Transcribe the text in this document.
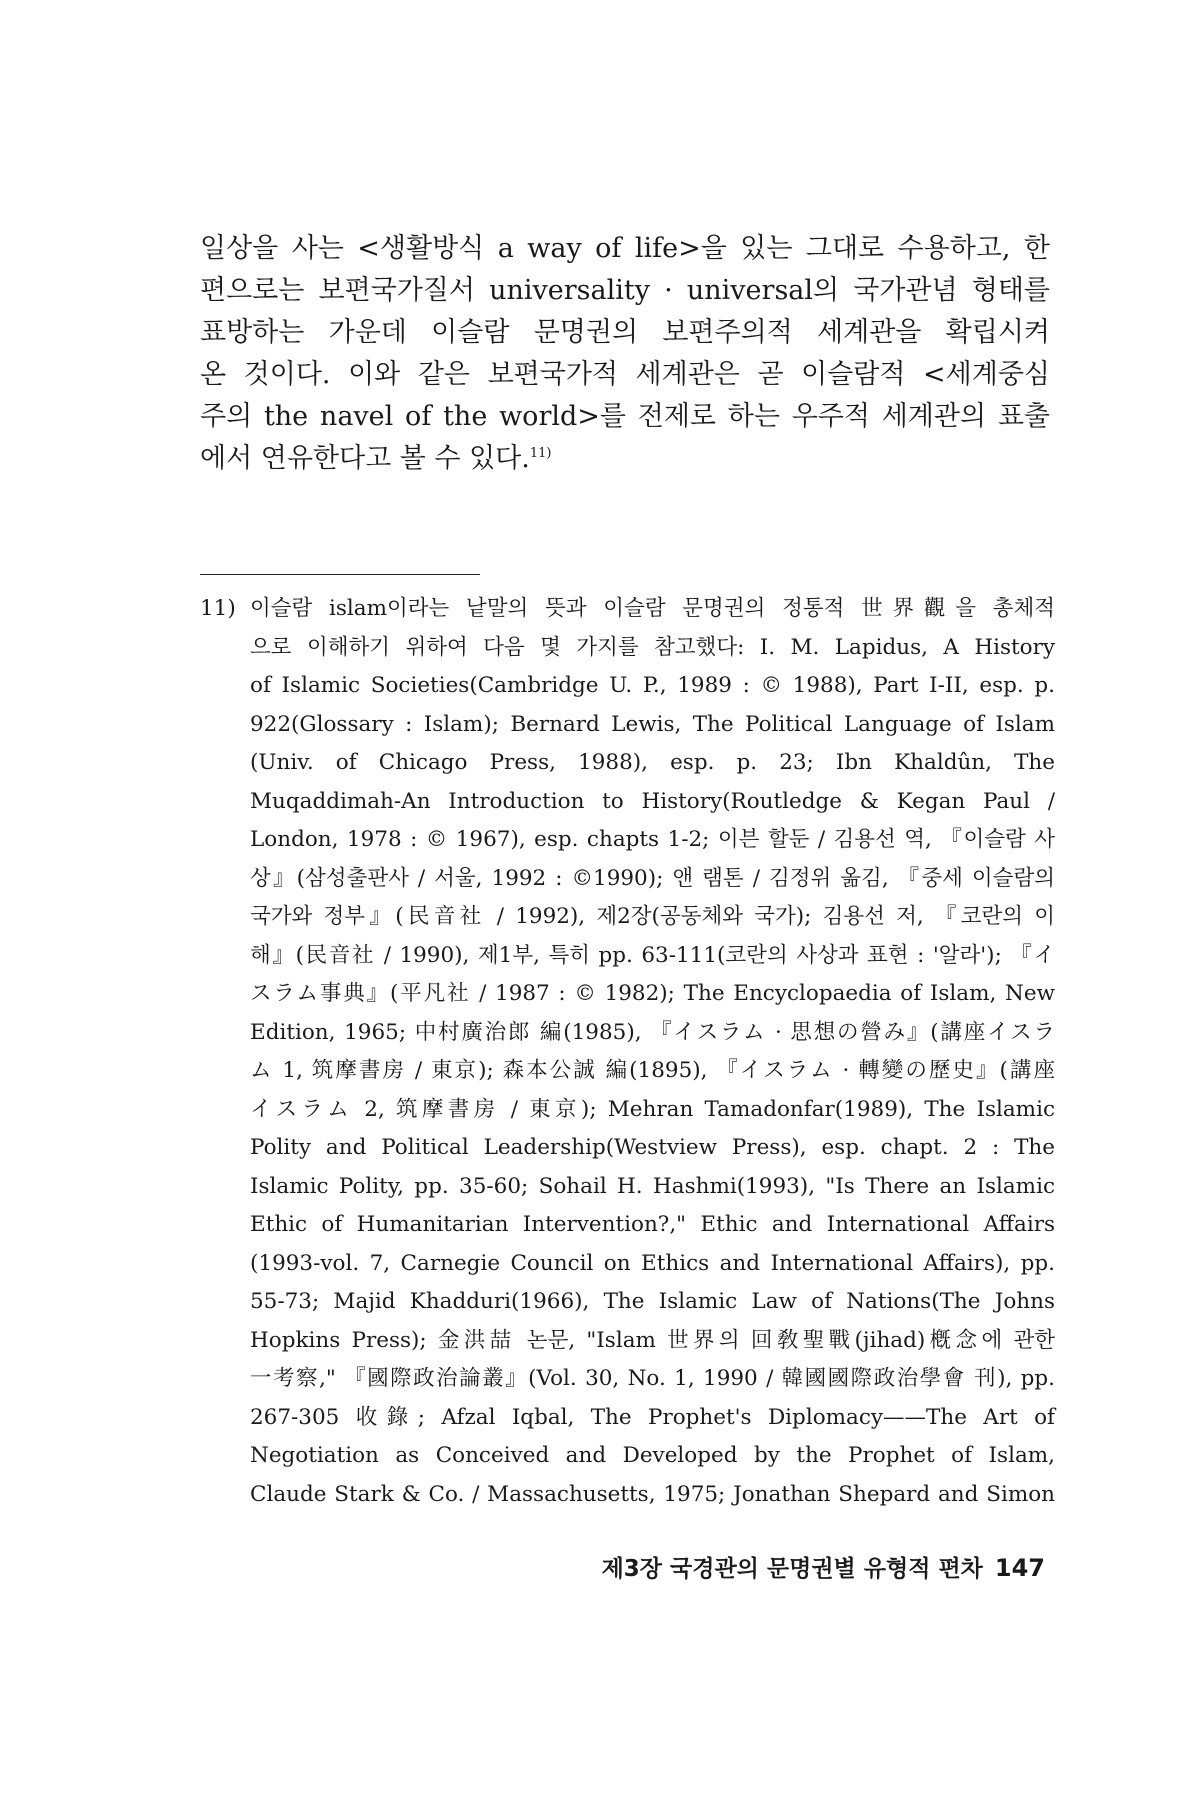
일상을 사는 <생활방식 a way of life>을 있는 그대로 수용하고, 한
편으로는 보편국가질서 universality · universal의 국가관념 형태를
표방하는 가운데 이슬람 문명권의 보편주의적 세계관을 확립시켜
온 것이다. 이와 같은 보편국가적 세계관은 곧 이슬람적 <세계중심
주의 the navel of the world>를 전제로 하는 우주적 세계관의 표출
에서 연유한다고 볼 수 있다.$^{11)}$
11) 이슬람 islam이라는 낱말의 뜻과 이슬람 문명권의 정통적 世界觀을 총체적
으로 이해하기 위하여 다음 몇 가지를 참고했다: I. M. Lapidus, A History
of Islamic Societies(Cambridge U. P., 1989 : © 1988), Part I-II, esp. p.
922(Glossary : Islam); Bernard Lewis, The Political Language of Islam
(Univ. of Chicago Press, 1988), esp. p. 23; Ibn Khaldûn, The
Muqaddimah-An Introduction to History(Routledge & Kegan Paul /
London, 1978 : © 1967), esp. chapts 1-2; 이븐 할둔 / 김용선 역, 『이슬람 사
상』(삼성출판사 / 서울, 1992 : ©1990); 앤 램톤 / 김정위 옮김, 『중세 이슬람의
국가와 정부』(民音社 / 1992), 제2장(공동체와 국가); 김용선 저, 『코란의 이
해』(民音社 / 1990), 제1부, 특히 pp. 63-111(코란의 사상과 표현 : '알라'); 『イ
スラム事典』(平凡社 / 1987 : © 1982); The Encyclopaedia of Islam, New
Edition, 1965; 中村廣治郎 編(1985), 『イスラム · 思想の營み』(講座イスラ
ム 1, 筑摩書房 / 東京); 森本公誠 編(1895), 『イスラム · 轉變の歷史』(講座
イスラム 2, 筑摩書房 / 東京); Mehran Tamadonfar(1989), The Islamic
Polity and Political Leadership(Westview Press), esp. chapt. 2 : The
Islamic Polity, pp. 35-60; Sohail H. Hashmi(1993), "Is There an Islamic
Ethic of Humanitarian Intervention?," Ethic and International Affairs
(1993-vol. 7, Carnegie Council on Ethics and International Affairs), pp.
55-73; Majid Khadduri(1966), The Islamic Law of Nations(The Johns
Hopkins Press); 金洪喆 논문, "Islam 世界의 回敎聖戰(jihad)槪念에 관한
一考察," 『國際政治論叢』(Vol. 30, No. 1, 1990 / 韓國國際政治學會 刊), pp.
267-305 收錄; Afzal Iqbal, The Prophet's Diplomacy——The Art of
Negotiation as Conceived and Developed by the Prophet of Islam,
Claude Stark & Co. / Massachusetts, 1975; Jonathan Shepard and Simon
제3장 국경관의 문명권별 유형적 편차 147
